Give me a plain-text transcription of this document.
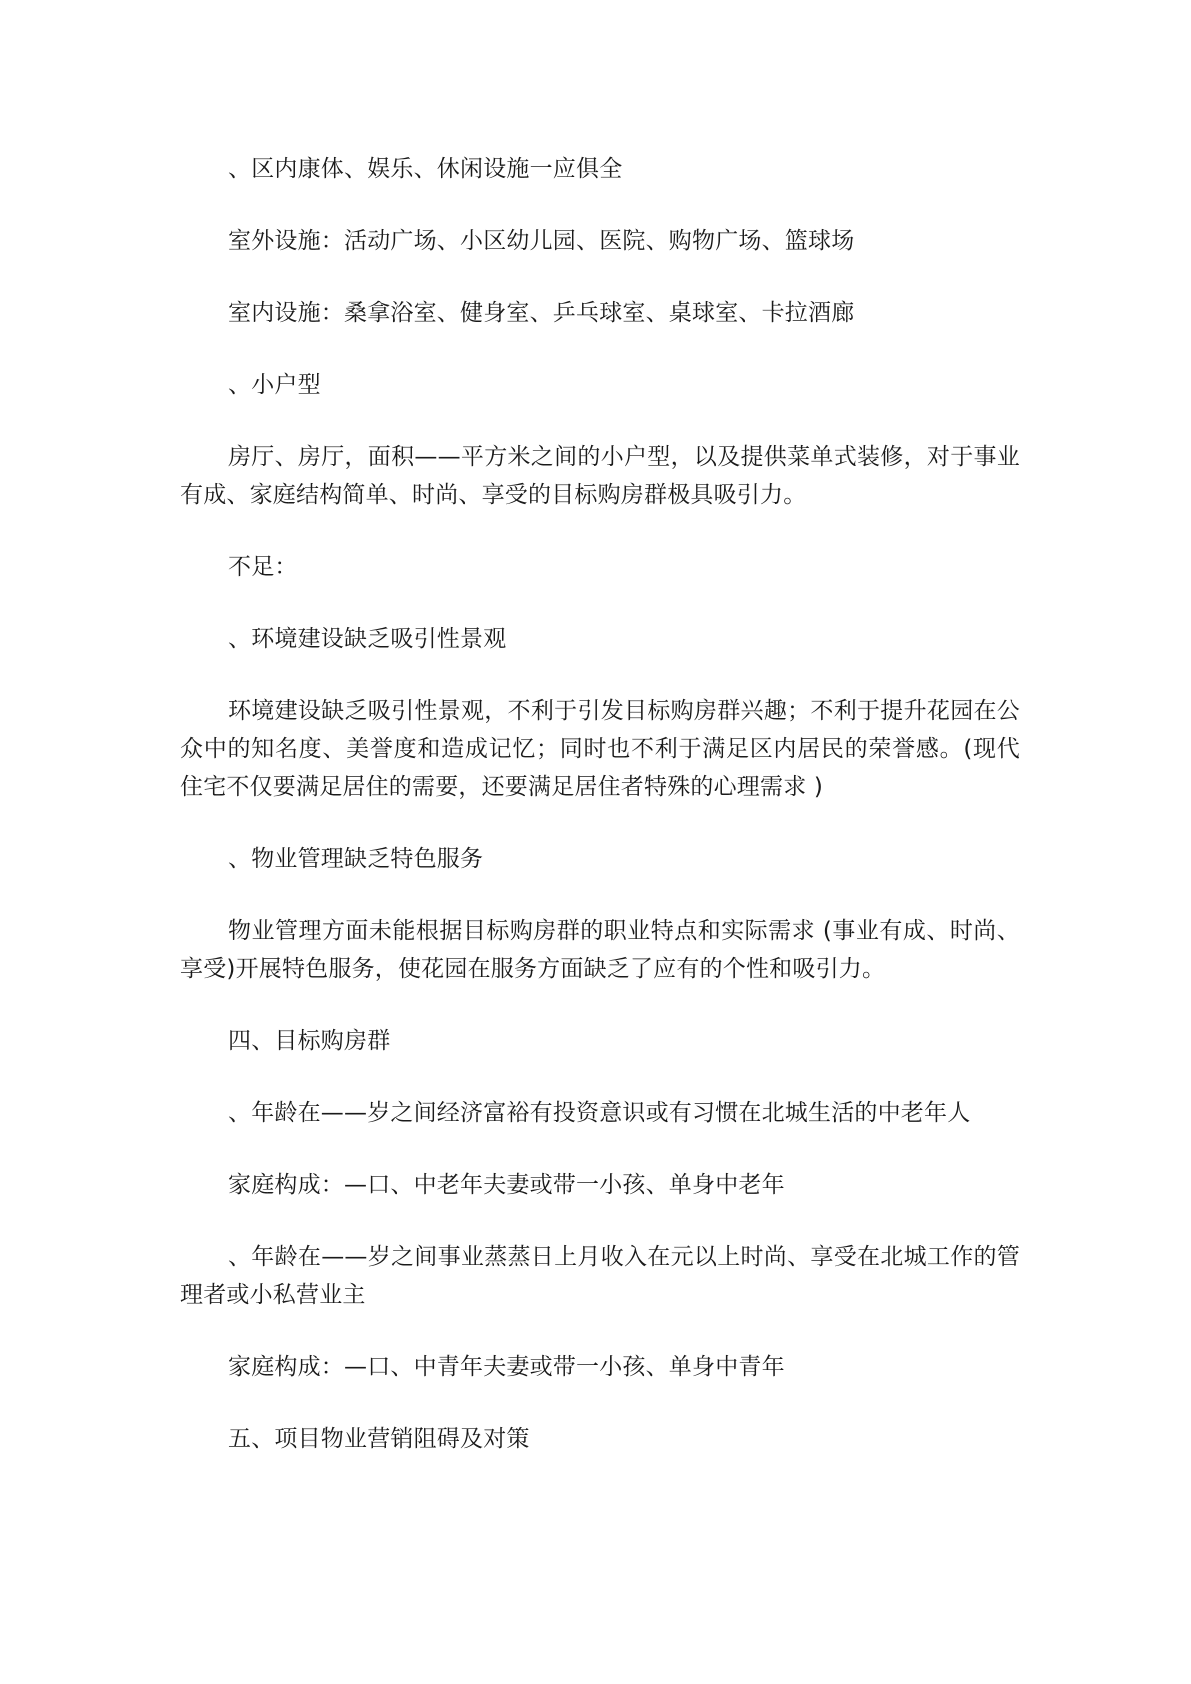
、区内康体、娱乐、休闲设施一应俱全

室外设施：活动广场、小区幼儿园、医院、购物广场、篮球场

室内设施：桑拿浴室、健身室、乒乓球室、桌球室、卡拉酒廊

、小户型

房厅、房厅，面积——平方米之间的小户型，以及提供菜单式装修，对于事业有成、家庭结构简单、时尚、享受的目标购房群极具吸引力。

不足：

、环境建设缺乏吸引性景观

环境建设缺乏吸引性景观，不利于引发目标购房群兴趣；不利于提升花园在公众中的知名度、美誉度和造成记忆；同时也不利于满足区内居民的荣誉感。(现代住宅不仅要满足居住的需要，还要满足居住者特殊的心理需求 )

、物业管理缺乏特色服务

物业管理方面未能根据目标购房群的职业特点和实际需求 (事业有成、时尚、享受)开展特色服务，使花园在服务方面缺乏了应有的个性和吸引力。

四、目标购房群

、年龄在——岁之间经济富裕有投资意识或有习惯在北城生活的中老年人

家庭构成：—口、中老年夫妻或带一小孩、单身中老年

、年龄在——岁之间事业蒸蒸日上月收入在元以上时尚、享受在北城工作的管理者或小私营业主

家庭构成：—口、中青年夫妻或带一小孩、单身中青年

五、项目物业营销阻碍及对策
